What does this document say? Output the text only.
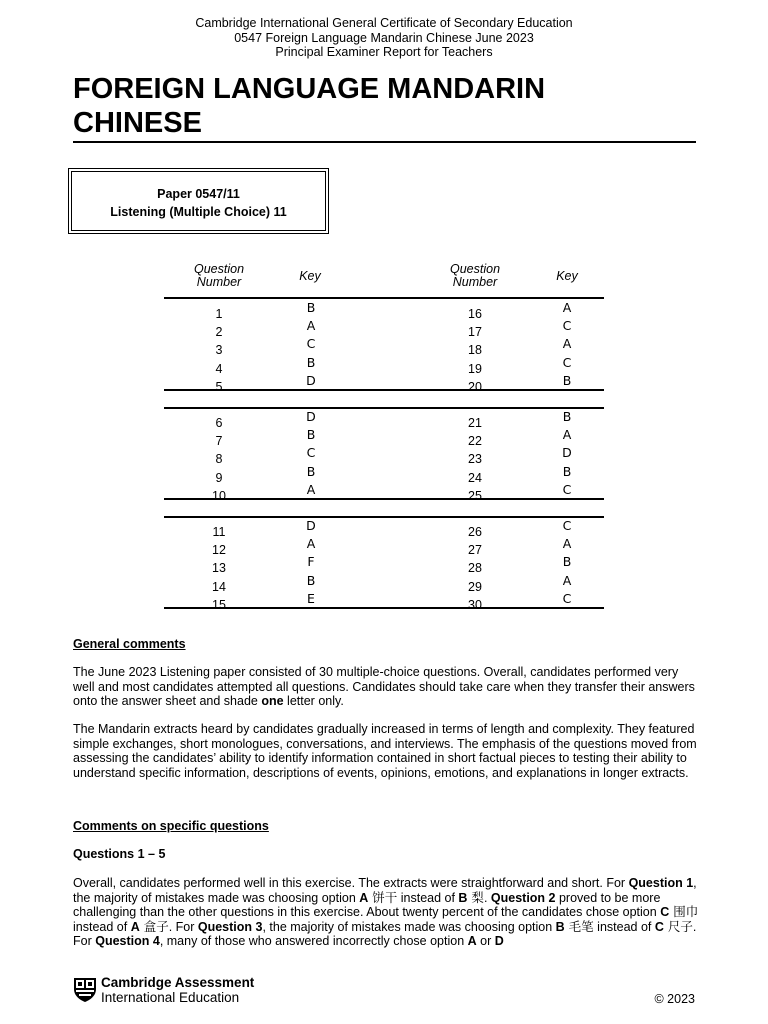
Cambridge International General Certificate of Secondary Education
0547 Foreign Language Mandarin Chinese June 2023
Principal Examiner Report for Teachers
FOREIGN LANGUAGE MANDARIN
CHINESE
Paper 0547/11
Listening (Multiple Choice) 11
Question
Number	Key	Question
Number	Key
1	B	16	A
2	A	17	C
3	C	18	A
4	B	19	C
5	D	20	B
6	D	21	B
7	B	22	A
8	C	23	D
9	B	24	B
10	A	25	C
11	D	26	C
12	A	27	A
13	F	28	B
14	B	29	A
15	E	30	C
General comments
The June 2023 Listening paper consisted of 30 multiple-choice questions. Overall, candidates performed very well and most candidates attempted all questions. Candidates should take care when they transfer their answers onto the answer sheet and shade one letter only.
The Mandarin extracts heard by candidates gradually increased in terms of length and complexity. They featured simple exchanges, short monologues, conversations, and interviews. The emphasis of the questions moved from assessing the candidates’ ability to identify information contained in short factual pieces to testing their ability to understand specific information, descriptions of events, opinions, emotions, and explanations in longer extracts.
Comments on specific questions
Questions 1 – 5
Overall, candidates performed well in this exercise. The extracts were straightforward and short. For Question 1, the majority of mistakes made was choosing option A 饼干 instead of B 梨. Question 2 proved to be more challenging than the other questions in this exercise. About twenty percent of the candidates chose option C 围巾 instead of A 盒子. For Question 3, the majority of mistakes made was choosing option B 毛笔 instead of C 尺子. For Question 4, many of those who answered incorrectly chose option A or D
Cambridge Assessment
International Education	© 2023
